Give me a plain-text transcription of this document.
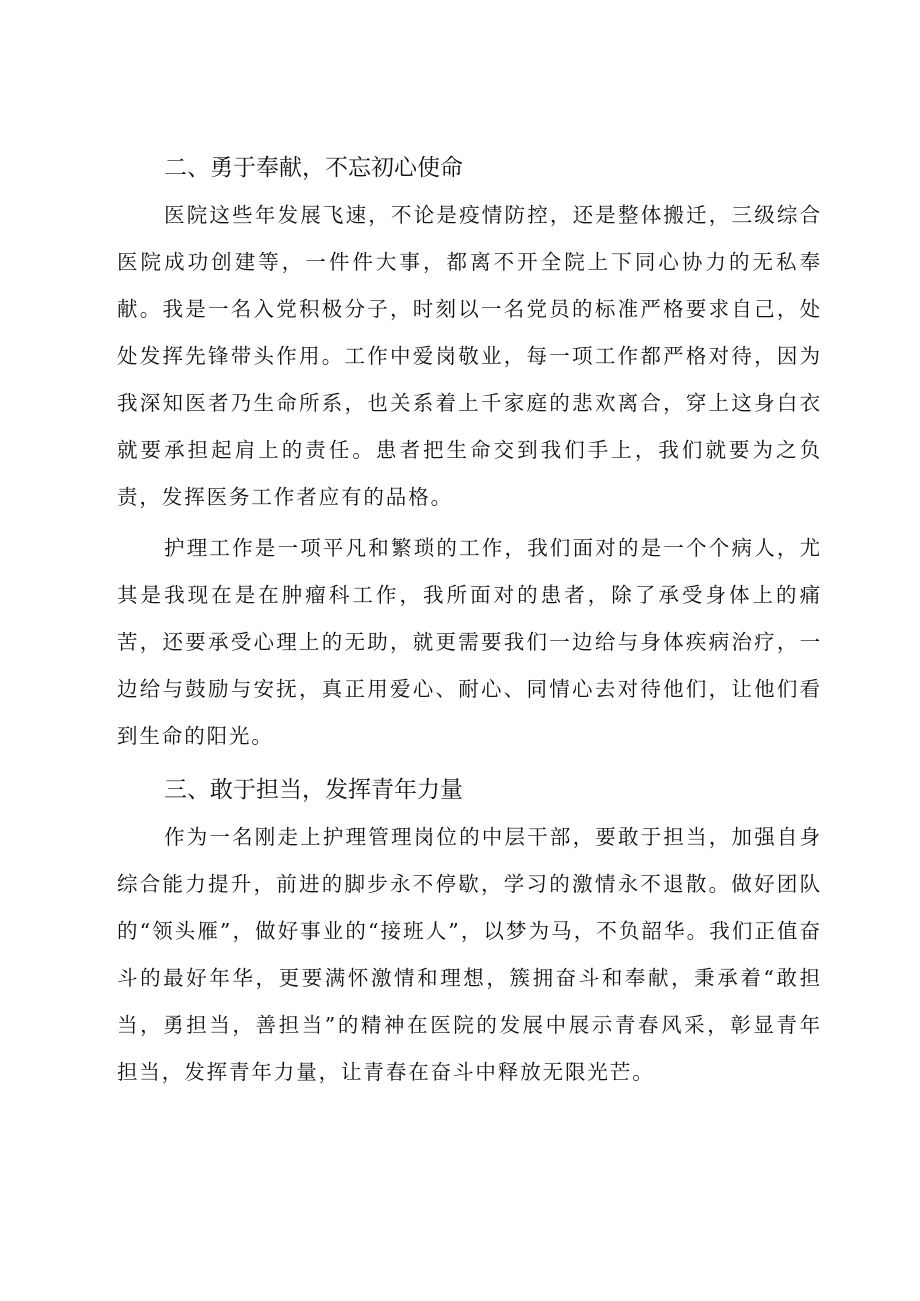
二、勇于奉献，不忘初心使命

医院这些年发展飞速，不论是疫情防控，还是整体搬迁，三级综合医院成功创建等，一件件大事，都离不开全院上下同心协力的无私奉献。我是一名入党积极分子，时刻以一名党员的标准严格要求自己，处处发挥先锋带头作用。工作中爱岗敬业，每一项工作都严格对待，因为我深知医者乃生命所系，也关系着上千家庭的悲欢离合，穿上这身白衣就要承担起肩上的责任。患者把生命交到我们手上，我们就要为之负责，发挥医务工作者应有的品格。

护理工作是一项平凡和繁琐的工作，我们面对的是一个个病人，尤其是我现在是在肿瘤科工作，我所面对的患者，除了承受身体上的痛苦，还要承受心理上的无助，就更需要我们一边给与身体疾病治疗，一边给与鼓励与安抚，真正用爱心、耐心、同情心去对待他们，让他们看到生命的阳光。

三、敢于担当，发挥青年力量

作为一名刚走上护理管理岗位的中层干部，要敢于担当，加强自身综合能力提升，前进的脚步永不停歇，学习的激情永不退散。做好团队的“领头雁”，做好事业的“接班人”，以梦为马，不负韶华。我们正值奋斗的最好年华，更要满怀激情和理想，簇拥奋斗和奉献，秉承着“敢担当，勇担当，善担当”的精神在医院的发展中展示青春风采，彰显青年担当，发挥青年力量，让青春在奋斗中释放无限光芒。
